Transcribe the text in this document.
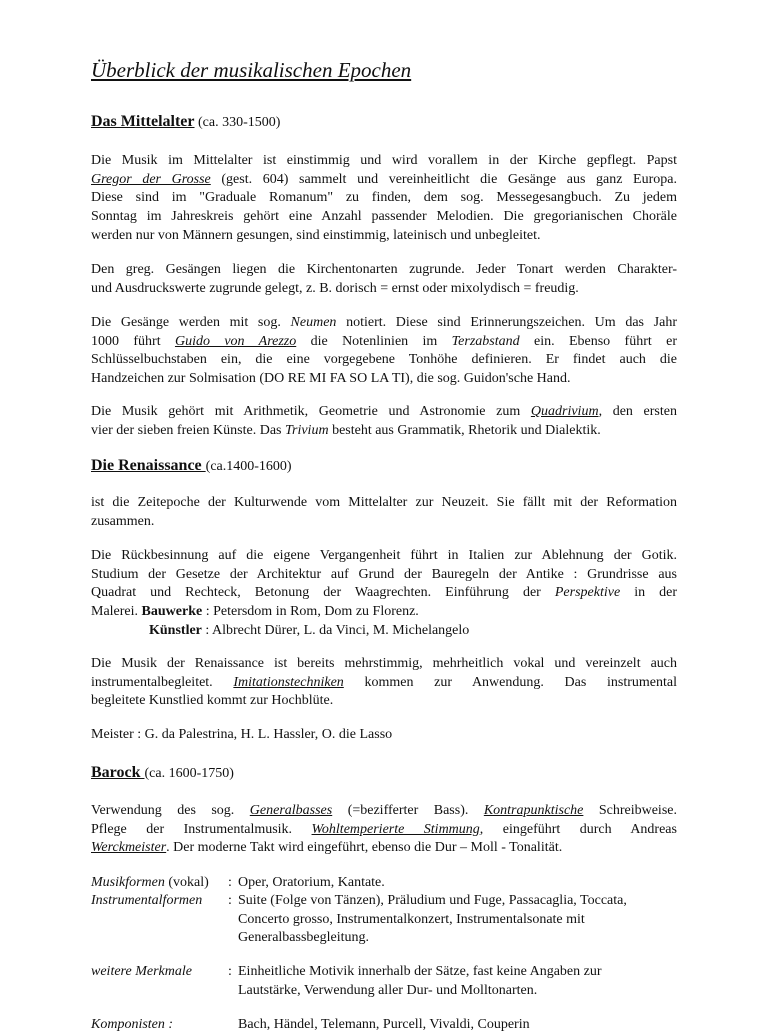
Überblick der musikalischen Epochen
Das Mittelalter (ca. 330-1500)
Die Musik im Mittelalter ist einstimmig und wird vorallem in der Kirche gepflegt. Papst
Gregor der Grosse (gest. 604) sammelt und vereinheitlicht die Gesänge aus ganz Europa.
Diese sind im "Graduale Romanum" zu finden, dem sog. Messegesangbuch. Zu jedem
Sonntag im Jahreskreis gehört eine Anzahl passender Melodien. Die gregorianischen Choräle
werden nur von Männern gesungen, sind einstimmig, lateinisch und unbegleitet.
Den greg. Gesängen liegen die Kirchentonarten zugrunde. Jeder Tonart werden Charakter-
und Ausdruckswerte zugrunde gelegt, z. B. dorisch = ernst oder mixolydisch = freudig.
Die Gesänge werden mit sog. Neumen notiert. Diese sind Erinnerungszeichen. Um das Jahr
1000 führt Guido von Arezzo die Notenlinien im Terzabstand ein. Ebenso führt er
Schlüsselbuchstaben ein, die eine vorgegebene Tonhöhe definieren. Er findet auch die
Handzeichen zur Solmisation (DO RE MI FA SO LA TI), die sog. Guidon'sche Hand.
Die Musik gehört mit Arithmetik, Geometrie und Astronomie zum Quadrivium, den ersten
vier der sieben freien Künste. Das Trivium besteht aus Grammatik, Rhetorik und Dialektik.
Die Renaissance (ca.1400-1600)
ist die Zeitepoche der Kulturwende vom Mittelalter zur Neuzeit. Sie fällt mit der Reformation
zusammen.
Die Rückbesinnung auf die eigene Vergangenheit führt in Italien zur Ablehnung der Gotik.
Studium der Gesetze der Architektur auf Grund der Bauregeln der Antike : Grundrisse aus
Quadrat und Rechteck, Betonung der Waagrechten. Einführung der Perspektive in der
Malerei. Bauwerke : Petersdom in Rom, Dom zu Florenz.
Künstler : Albrecht Dürer, L. da Vinci, M. Michelangelo
Die Musik der Renaissance ist bereits mehrstimmig, mehrheitlich vokal und vereinzelt auch
instrumentalbegleitet. Imitationstechniken kommen zur Anwendung. Das instrumental
begleitete Kunstlied kommt zur Hochblüte.
Meister : G. da Palestrina, H. L. Hassler, O. die Lasso
Barock (ca. 1600-1750)
Verwendung des sog. Generalbasses (=bezifferter Bass). Kontrapunktische Schreibweise.
Pflege der Instrumentalmusik. Wohltemperierte Stimmung, eingeführt durch Andreas
Werckmeister. Der moderne Takt wird eingeführt, ebenso die Dur – Moll - Tonalität.
Musikformen (vokal)	: Oper, Oratorium, Kantate.
Instrumentalformen	: Suite (Folge von Tänzen), Präludium und Fuge, Passacaglia, Toccata,
Concerto grosso, Instrumentalkonzert, Instrumentalsonate mit
Generalbassbegleitung.
weitere Merkmale	: Einheitliche Motivik innerhalb der Sätze, fast keine Angaben zur
Lautstärke, Verwendung aller Dur- und Molltonarten.
Komponisten :	Bach, Händel, Telemann, Purcell, Vivaldi, Couperin
